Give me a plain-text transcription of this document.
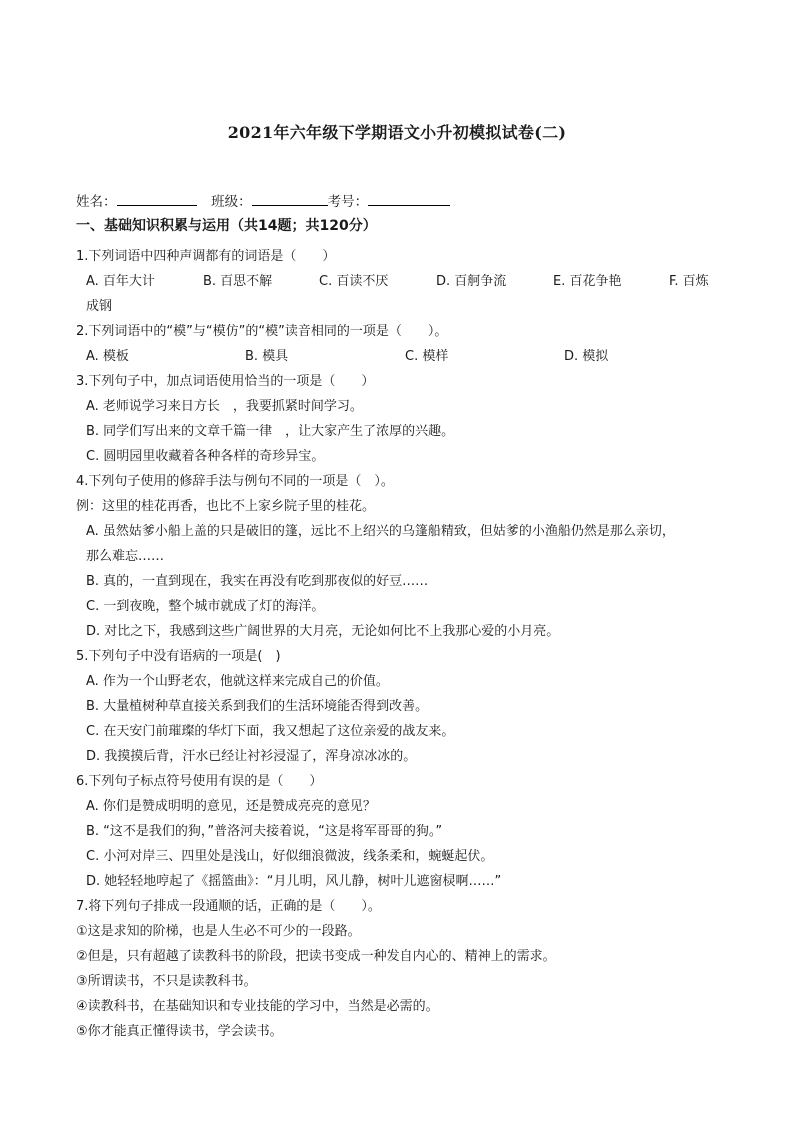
2021年六年级下学期语文小升初模拟试卷(二)
姓名：	班级：	考号：
一、基础知识积累与运用（共14题；共120分）
1.下列词语中四种声调都有的词语是（　　）
A. 百年大计	B. 百思不解	C. 百读不厌	D. 百舸争流	E. 百花争艳	F. 百炼
成钢
2.下列词语中的“模”与“模仿”的“模”读音相同的一项是（　　）。
A. 模板	B. 模具	C. 模样	D. 模拟
3.下列句子中，加点词语使用恰当的一项是（　　）
A. 老师说学习来日方长　，我要抓紧时间学习。
B. 同学们写出来的文章千篇一律　，让大家产生了浓厚的兴趣。
C. 圆明园里收藏着各种各样的奇珍异宝。
4.下列句子使用的修辞手法与例句不同的一项是（　）。
例：这里的桂花再香，也比不上家乡院子里的桂花。
A. 虽然姑爹小船上盖的只是破旧的篷，远比不上绍兴的乌篷船精致，但姑爹的小渔船仍然是那么亲切，
那么难忘……
B. 真的，一直到现在，我实在再没有吃到那夜似的好豆……
C. 一到夜晚，整个城市就成了灯的海洋。
D. 对比之下，我感到这些广阔世界的大月亮，无论如何比不上我那心爱的小月亮。
5.下列句子中没有语病的一项是(　)
A. 作为一个山野老农，他就这样来完成自己的价值。
B. 大量植树种草直接关系到我们的生活环境能否得到改善。
C. 在天安门前璀璨的华灯下面，我又想起了这位亲爱的战友来。
D. 我摸摸后背，汗水已经让衬衫浸湿了，浑身凉冰冰的。
6.下列句子标点符号使用有误的是（　　）
A. 你们是赞成明明的意见，还是赞成亮亮的意见？
B. “这不是我们的狗，”普洛河夫接着说，“这是将军哥哥的狗。”
C. 小河对岸三、四里处是浅山，好似细浪微波，线条柔和，蜿蜒起伏。
D. 她轻轻地哼起了《摇篮曲》：“月儿明，风儿静，树叶儿遮窗棂啊……”
7.将下列句子排成一段通顺的话，正确的是（　　）。
①这是求知的阶梯，也是人生必不可少的一段路。
②但是，只有超越了读教科书的阶段，把读书变成一种发自内心的、精神上的需求。
③所谓读书，不只是读教科书。
④读教科书，在基础知识和专业技能的学习中，当然是必需的。
⑤你才能真正懂得读书，学会读书。
